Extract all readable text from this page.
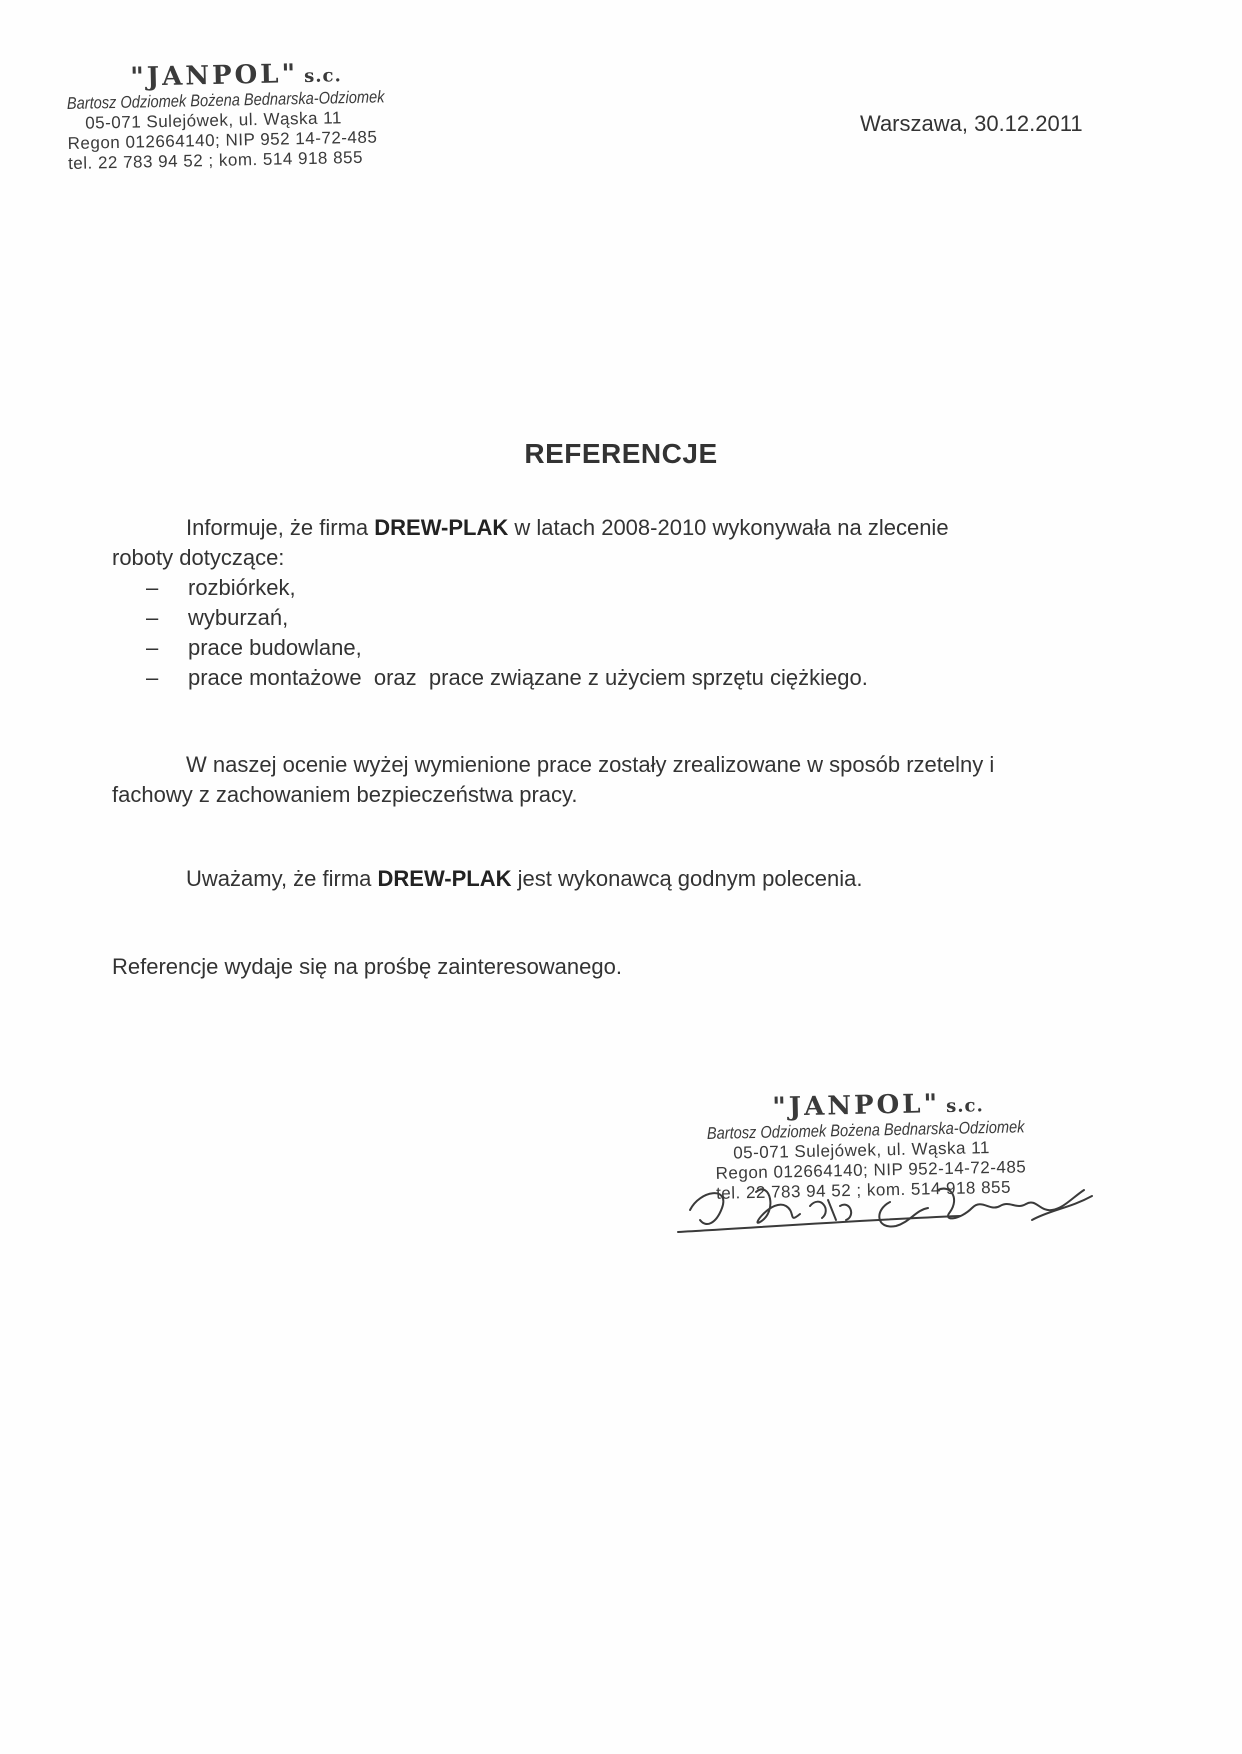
"JANPOL" s.c.
Bartosz Odziomek Bożena Bednarska-Odziomek
05-071 Sulejówek, ul. Wąska 11
Regon 012664140; NIP 952 14-72-485
tel. 22 783 94 52 ; kom. 514 918 855
Warszawa, 30.12.2011
REFERENCJE
Informuje, że firma DREW-PLAK w latach 2008-2010 wykonywała na zlecenie
roboty dotyczące:
– rozbiórkek,
– wyburzań,
– prace budowlane,
– prace montażowe  oraz  prace związane z użyciem sprzętu ciężkiego.
W naszej ocenie wyżej wymienione prace zostały zrealizowane w sposób rzetelny i
fachowy z zachowaniem bezpieczeństwa pracy.
Uważamy, że firma DREW-PLAK jest wykonawcą godnym polecenia.
Referencje wydaje się na prośbę zainteresowanego.
"JANPOL" s.c.
Bartosz Odziomek Bożena Bednarska-Odziomek
05-071 Sulejówek, ul. Wąska 11
Regon 012664140; NIP 952-14-72-485
tel. 22 783 94 52 ; kom. 514 918 855
